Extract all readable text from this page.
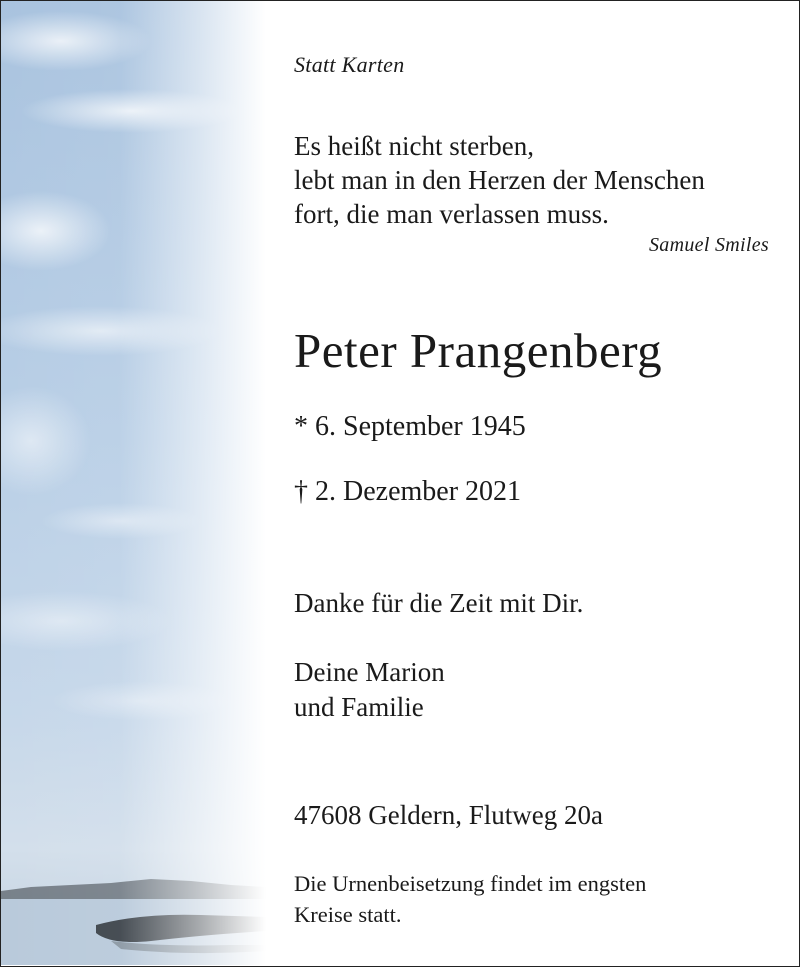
Statt Karten
Es heißt nicht sterben,
lebt man in den Herzen der Menschen
fort, die man verlassen muss.
Samuel Smiles
Peter Prangenberg
* 6. September 1945
† 2. Dezember 2021
Danke für die Zeit mit Dir.
Deine Marion
und Familie
47608 Geldern, Flutweg 20a
Die Urnenbeisetzung findet im engsten
Kreise statt.
